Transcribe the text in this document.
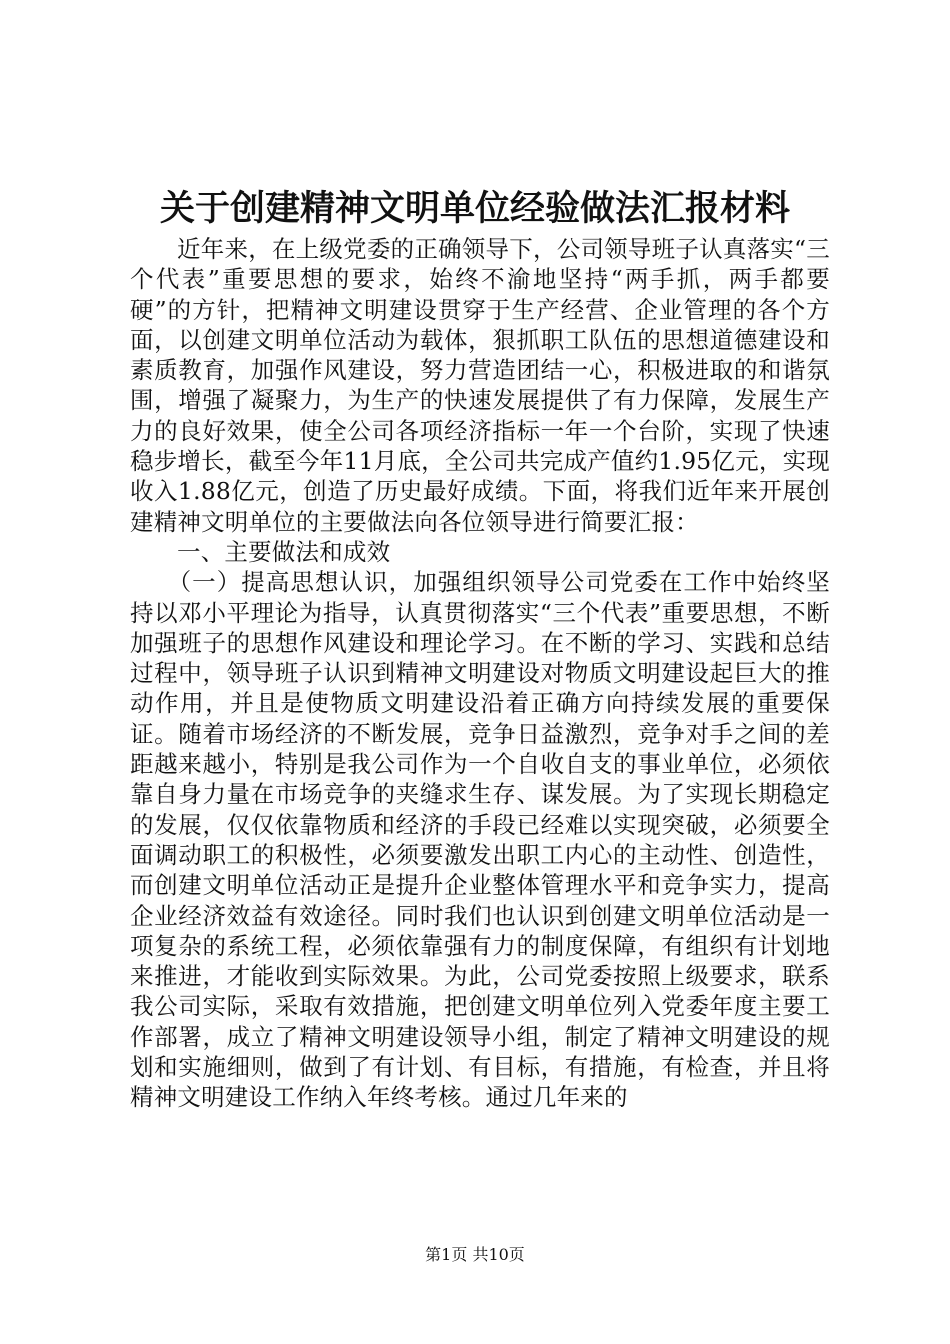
关于创建精神文明单位经验做法汇报材料

近年来，在上级党委的正确领导下，公司领导班子认真落实“三个代表”重要思想的要求，始终不渝地坚持“两手抓，两手都要硬”的方针，把精神文明建设贯穿于生产经营、企业管理的各个方面，以创建文明单位活动为载体，狠抓职工队伍的思想道德建设和素质教育，加强作风建设，努力营造团结一心，积极进取的和谐氛围，增强了凝聚力，为生产的快速发展提供了有力保障，发展生产力的良好效果，使全公司各项经济指标一年一个台阶，实现了快速稳步增长，截至今年11月底，全公司共完成产值约1.95亿元，实现收入1.88亿元，创造了历史最好成绩。下面，将我们近年来开展创建精神文明单位的主要做法向各位领导进行简要汇报：

一、主要做法和成效

（一）提高思想认识，加强组织领导公司党委在工作中始终坚持以邓小平理论为指导，认真贯彻落实“三个代表”重要思想，不断加强班子的思想作风建设和理论学习。在不断的学习、实践和总结过程中，领导班子认识到精神文明建设对物质文明建设起巨大的推动作用，并且是使物质文明建设沿着正确方向持续发展的重要保证。随着市场经济的不断发展，竞争日益激烈，竞争对手之间的差距越来越小，特别是我公司作为一个自收自支的事业单位，必须依靠自身力量在市场竞争的夹缝求生存、谋发展。为了实现长期稳定的发展，仅仅依靠物质和经济的手段已经难以实现突破，必须要全面调动职工的积极性，必须要激发出职工内心的主动性、创造性，而创建文明单位活动正是提升企业整体管理水平和竞争实力，提高企业经济效益有效途径。同时我们也认识到创建文明单位活动是一项复杂的系统工程，必须依靠强有力的制度保障，有组织有计划地来推进，才能收到实际效果。为此，公司党委按照上级要求，联系我公司实际，采取有效措施，把创建文明单位列入党委年度主要工作部署，成立了精神文明建设领导小组，制定了精神文明建设的规划和实施细则，做到了有计划、有目标，有措施，有检查，并且将精神文明建设工作纳入年终考核。通过几年来的

第1页 共10页
